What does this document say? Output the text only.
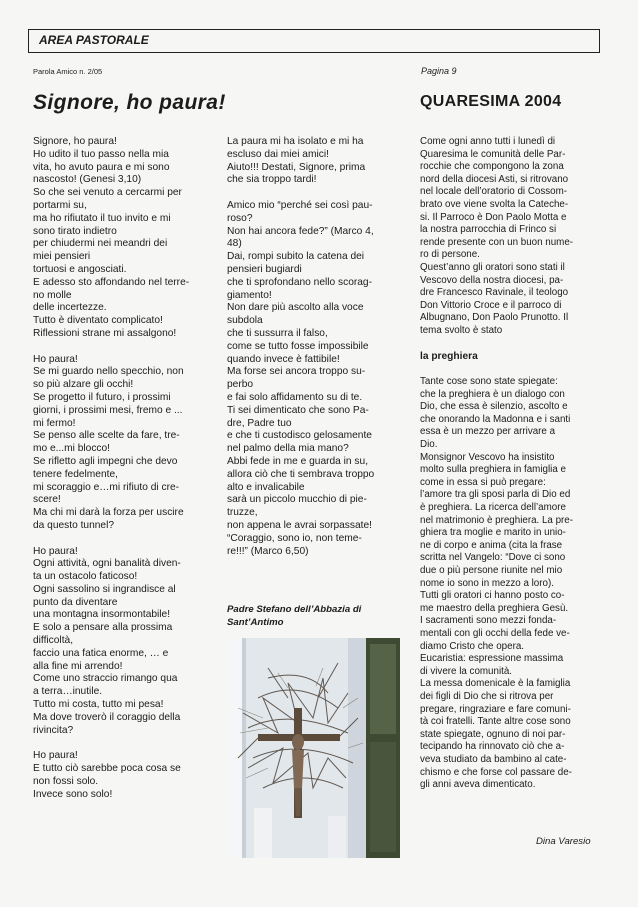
AREA PASTORALE
Parola Amico n. 2/05	Pagina 9
Signore, ho paura!	QUARESIMA 2004
Signore, ho paura!
Ho udito il tuo passo nella mia
vita, ho avuto paura e mi sono
nascosto! (Genesi 3,10)
So che sei venuto a cercarmi per
portarmi su,
ma ho rifiutato il tuo invito e mi
sono tirato indietro
per chiudermi nei meandri dei
miei pensieri
tortuosi e angosciati.
E adesso sto affondando nel terre-
no molle
delle incertezze.
Tutto è diventato complicato!
Riflessioni strane mi assalgono!
Ho paura!
Se mi guardo nello specchio, non
so più alzare gli occhi!
Se progetto il futuro, i prossimi
giorni, i prossimi mesi, fremo e ...
mi fermo!
Se penso alle scelte da fare, tre-
mo e...mi blocco!
Se rifletto agli impegni che devo
tenere fedelmente,
mi scoraggio e…mi rifiuto di cre-
scere!
Ma chi mi darà la forza per uscire
da questo tunnel?
Ho paura!
Ogni attività, ogni banalità diven-
ta un ostacolo faticoso!
Ogni sassolino si ingrandisce al
punto da diventare
una montagna insormontabile!
E solo a pensare alla prossima
difficoltà,
faccio una fatica enorme, … e
alla fine mi arrendo!
Come uno straccio rimango qua
a terra…inutile.
Tutto mi costa, tutto mi pesa!
Ma dove troverò il coraggio della
rivincita?
Ho paura!
E tutto ciò sarebbe poca cosa se
non fossi solo.
Invece sono solo!
La paura mi ha isolato e mi ha
escluso dai miei amici!
Aiuto!!! Destati, Signore, prima
che sia troppo tardi!
Amico mio “perché sei così pau-
roso?
Non hai ancora fede?” (Marco 4,
48)
Dai, rompi subito la catena dei
pensieri bugiardi
che ti sprofondano nello scorag-
giamento!
Non dare più ascolto alla voce
subdola
che ti sussurra il falso,
come se tutto fosse impossibile
quando invece è fattibile!
Ma forse sei ancora troppo su-
perbo
e fai solo affidamento su di te.
Ti sei dimenticato che sono Pa-
dre, Padre tuo
e che ti custodisco gelosamente
nel palmo della mia mano?
Abbi fede in me e guarda in su,
allora ciò che ti sembrava troppo
alto e invalicabile
sarà un piccolo mucchio di pie-
truzze,
non appena le avrai sorpassate!
“Coraggio, sono io, non teme-
re!!!” (Marco 6,50)
Padre Stefano dell’Abbazia di
Sant’Antimo
Come ogni anno tutti i lunedì di
Quaresima le comunità delle Par-
rocchie che compongono la zona
nord della diocesi Asti, si ritrovano
nel locale dell’oratorio di Cossom-
brato ove viene svolta la Cateche-
si. Il Parroco è Don Paolo Motta e
la nostra parrocchia di Frinco si
rende presente con un buon nume-
ro di persone.
Quest’anno gli oratori sono stati il
Vescovo della nostra diocesi, pa-
dre Francesco Ravinale, il teologo
Don Vittorio Croce e il parroco di
Albugnano, Don Paolo Prunotto. Il
tema svolto è stato
la preghiera
Tante cose sono state spiegate:
che la preghiera è un dialogo con
Dio, che essa è silenzio, ascolto e
che onorando la Madonna e i santi
essa è un mezzo per arrivare a
Dio.
Monsignor Vescovo ha insistito
molto sulla preghiera in famiglia e
come in essa si può pregare:
l’amore tra gli sposi parla di Dio ed
è preghiera. La ricerca dell’amore
nel matrimonio è preghiera. La pre-
ghiera tra moglie e marito in unio-
ne di corpo e anima (cita la frase
scritta nel Vangelo: “Dove ci sono
due o più persone riunite nel mio
nome io sono in mezzo a loro).
Tutti gli oratori ci hanno posto co-
me maestro della preghiera Gesù.
I sacramenti sono mezzi fonda-
mentali con gli occhi della fede ve-
diamo Cristo che opera.
Eucaristia: espressione massima
di vivere la comunità.
La messa domenicale è la famiglia
dei figli di Dio che si ritrova per
pregare, ringraziare e fare comuni-
tà coi fratelli. Tante altre cose sono
state spiegate, ognuno di noi par-
tecipando ha rinnovato ciò che a-
veva studiato da bambino al cate-
chismo e che forse col passare de-
gli anni aveva dimenticato.
Dina Varesio
